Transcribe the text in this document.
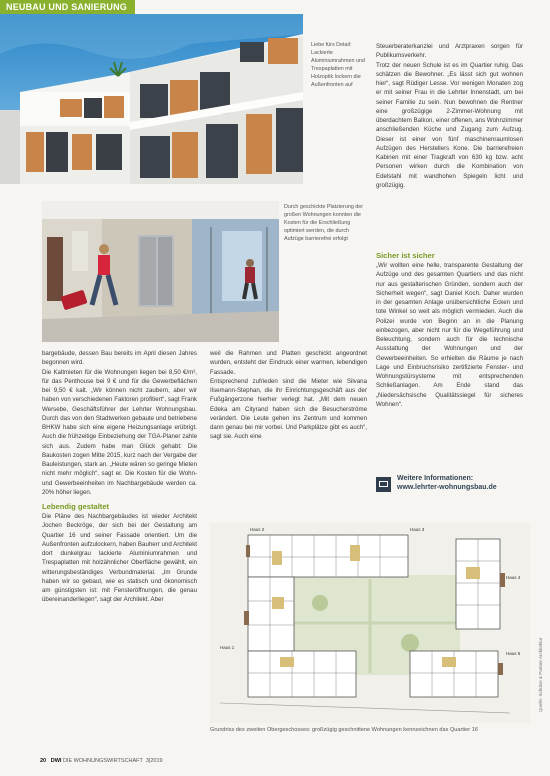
NEUBAU UND SANIERUNG
Liebe fürs Detail: Lackierte Aluminiumrahmen und Trespaplatten mit Holzoptik lockern die Außenfronten auf
Durch geschickte Platzierung der großen Wohnungen konnten die Kosten für die Erschließung optimiert werden, die durch Aufzüge barrierefrei erfolgt

Steuerberaterkanzlei und Arztpraxen sorgen für Publikumsverkehr.

Trotz der neuen Schule ist es im Quartier ruhig. Das schätzen die Bewohner. „Es lässt sich gut wohnen hier“, sagt Rüdiger Lesse. Vor wenigen Monaten zog er mit seiner Frau in die Lehrter Innenstadt, um bei seiner Familie zu sein. Nun bewohnen die Rentner eine großzügige 2-Zimmer-Wohnung mit überdachtem Balkon, einer offenen, ans Wohnzimmer anschließenden Küche und Zugang zum Aufzug. Dieser ist einer von fünf maschinenraumlosen Aufzügen des Herstellers Kone. Die barrierefreien Kabinen mit einer Tragkraft von 630 kg bzw. acht Personen wirken durch die Kombination von Edelstahl mit wandhohen Spiegeln licht und großzügig.

Sicher ist sicher

„Wir wollten eine helle, transparente Gestaltung der Aufzüge und des gesamten Quartiers und das nicht nur aus gestalterischen Gründen, sondern auch der Sicherheit wegen“, sagt Daniel Koch. Daher wurden in der gesamten Anlage unübersichtliche Ecken und tote Winkel so weit als möglich vermieden. Auch die Polizei wurde von Beginn an in die Planung einbezogen, aber nicht nur für die Wegeführung und Beleuchtung, sondern auch für die technische Ausstattung der Wohnungen und der Gewerbeeinheiten. So erhielten die Räume je nach Lage und Einbruchsrisiko zertifizierte Fenster- und Wohnungstürsysteme mit entsprechenden Schließanlagen. Am Ende stand das „Niedersächsische Qualitätssiegel für sicheres Wohnen“.

Weitere Informationen:
www.lehrter-wohnungsbau.de

bargebäude, dessen Bau bereits im April diesen Jahres begonnen wird.

Die Kaltmieten für die Wohnungen liegen bei 8,50 €/m², für das Penthouse bei 9 € und für die Gewerbeflächen bei 9,50 € kalt. „Wir können nicht zaubern, aber wir haben von verschiedenen Faktoren profitiert“, sagt Frank Wersebe, Geschäftsführer der Lehrter Wohnungsbau. Durch das von den Stadtwerken gebaute und betriebene BHKW habe sich eine eigene Heizungsanlage erübrigt. Auch die frühzeitige Einbeziehung der TGA-Planer zahle sich aus. Zudem habe man Glück gehabt: Die Baukosten zogen Mitte 2015, kurz nach der Vergabe der Bauleistungen, stark an. „Heute wären so geringe Mieten nicht mehr möglich“, sagt er. Die Kosten für die Wohn- und Gewerbeeinheiten im Nachbargebäude werden ca. 20% höher liegen.

Lebendig gestaltet

Die Pläne des Nachbargebäudes ist wieder Architekt Jochen Beckröge, der sich bei der Gestaltung am Quartier 16 und seiner Fassade orientiert. Um die Außenfronten aufzulockern, haben Bauherr und Architekt dort dunkelgrau lackierte Aluminiumrahmen und Trespaplatten mit holzähnlicher Oberfläche gewählt, ein witterungsbeständiges Verbundmaterial. „Im Grunde haben wir so gebaut, wie es statisch und ökonomisch am günstigsten ist: mit Fensteröffnungen, die genau übereinanderliegen“, sagt der Architekt. Aber

weil die Rahmen und Platten geschickt angeordnet wurden, entsteht der Eindruck einer warmen, lebendigen Fassade.

Entsprechend zufrieden sind die Mieter wie Silvana Ilsemann-Stephan, die ihr Einrichtungsgeschäft aus der Fußgängerzone hierher verlegt hat. „Mit dem neuen Edeka am Cityrand haben sich die Besucherströme verändert. Die Leute gehen ins Zentrum und kommen dann genau bei mir vorbei. Und Parkplätze gibt es auch“, sagt sie. Auch eine

Haus 2	Haus 3
Haus 1
Haus 4
Haus 5	Quelle: Schütze & Partner Architektur
Grundriss des zweiten Obergeschosses: großzügig geschnittene Wohnungen kennzeichnen das Quartier 16
20 DWI DIE WOHNUNGSWIRTSCHAFT 3|2019
